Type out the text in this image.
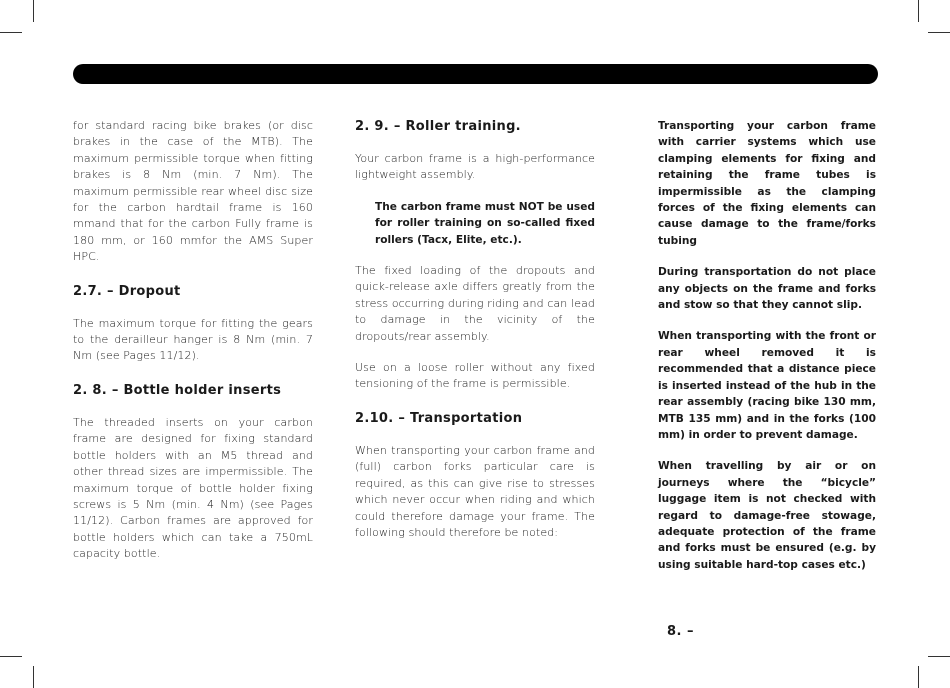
for standard racing bike brakes (or disc brakes in the case of the MTB). The maximum permissible torque when fitting brakes is 8 Nm (min. 7 Nm). The maximum permissible rear wheel disc size for the carbon hardtail frame is 160 mmand that for the carbon Fully frame is 180 mm, or 160 mmfor the AMS Super HPC.

2.7. – Dropout

The maximum torque for fitting the gears to the derailleur hanger is 8 Nm (min. 7 Nm (see Pages 11/12).

2. 8. – Bottle holder inserts

The threaded inserts on your carbon frame are designed for fixing standard bottle holders with an M5 thread and other thread sizes are impermissible. The maximum torque of bottle holder fixing screws is 5 Nm (min. 4 Nm) (see Pages 11/12). Carbon frames are approved for bottle holders which can take a 750mL capacity bottle.

2. 9. – Roller training.

Your carbon frame is a high-performance lightweight assembly.

The carbon frame must NOT be used for roller training on so-called fixed rollers (Tacx, Elite, etc.).

The fixed loading of the dropouts and quick-release axle differs greatly from the stress occurring during riding and can lead to damage in the vicinity of the dropouts/rear assembly.

Use on a loose roller without any fixed tensioning of the frame is permissible.

2.10. – Transportation

When transporting your carbon frame and (full) carbon forks particular care is required, as this can give rise to stresses which never occur when riding and which could therefore damage your frame. The following should therefore be noted:

Transporting your carbon frame with carrier systems which use clamping elements for fixing and retaining the frame tubes is impermissible as the clamping forces of the fixing elements can cause damage to the frame/forks tubing

During transportation do not place any objects on the frame and forks and stow so that they cannot slip.

When transporting with the front or rear wheel removed it is recommended that a distance piece is inserted instead of the hub in the rear assembly (racing bike 130 mm, MTB 135 mm) and in the forks (100 mm) in order to prevent damage.

When travelling by air or on journeys where the “bicycle” luggage item is not checked with regard to damage-free stowage, adequate protection of the frame and forks must be ensured (e.g. by using suitable hard-top cases etc.)

8. –
